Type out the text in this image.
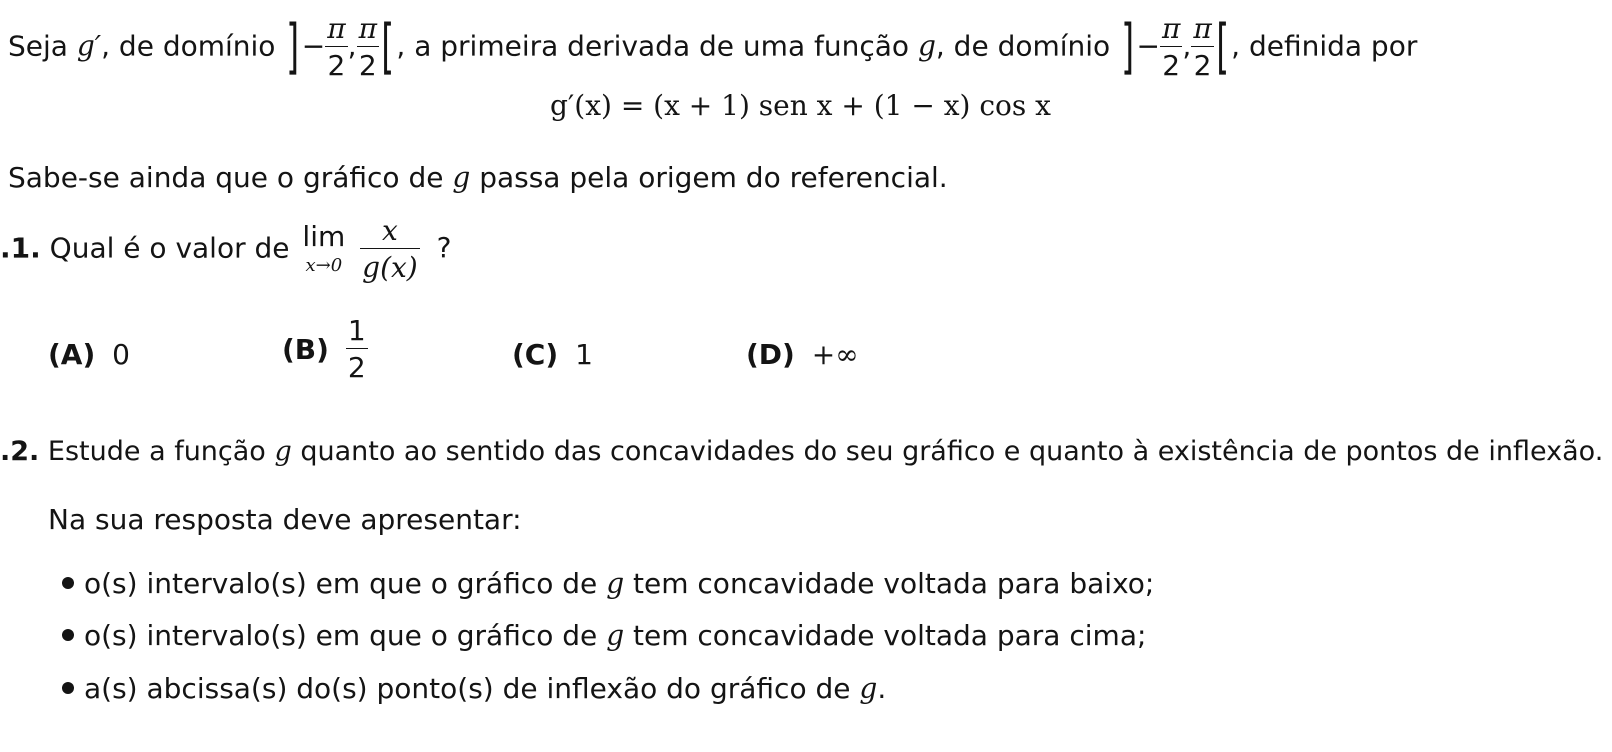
Seja g′, de domínio ]− $\frac{\pi}{2}$ , $\frac{\pi}{2}$ [, a primeira derivada de uma função g, de domínio ]− $\frac{\pi}{2}$ , $\frac{\pi}{2}$ [, definida por
g′(x) = (x + 1) sen x + (1 − x) cos x
Sabe-se ainda que o gráfico de g passa pela origem do referencial.
.1. Qual é o valor de lim
x→0
$\frac{x}{g(x)}$ ?
(A) 0	$(B) \frac{1}{2}$	(C) 1	(D) +∞
.2. Estude a função g quanto ao sentido das concavidades do seu gráfico e quanto à existência de pontos de inflexão.
Na sua resposta deve apresentar:
o(s) intervalo(s) em que o gráfico de g tem concavidade voltada para baixo;
o(s) intervalo(s) em que o gráfico de g tem concavidade voltada para cima;
a(s) abcissa(s) do(s) ponto(s) de inflexão do gráfico de g.
